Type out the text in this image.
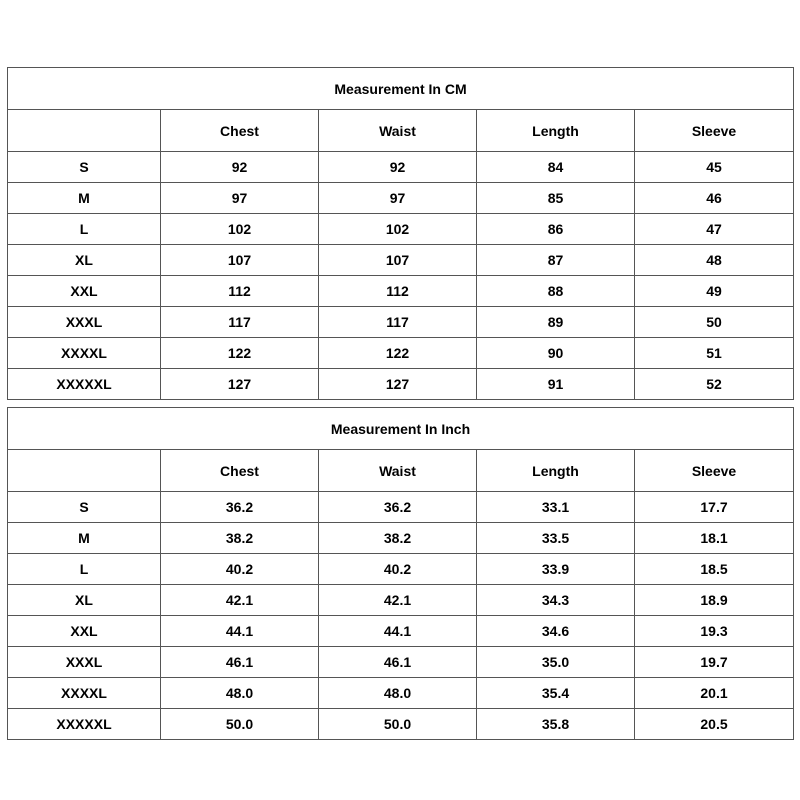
Measurement In CM				
	Chest	Waist	Length	Sleeve
S	92	92	84	45
M	97	97	85	46
L	102	102	86	47
XL	107	107	87	48
XXL	112	112	88	49
XXXL	117	117	89	50
XXXXL	122	122	90	51
XXXXXL	127	127	91	52
Measurement In Inch				
	Chest	Waist	Length	Sleeve
S	36.2	36.2	33.1	17.7
M	38.2	38.2	33.5	18.1
L	40.2	40.2	33.9	18.5
XL	42.1	42.1	34.3	18.9
XXL	44.1	44.1	34.6	19.3
XXXL	46.1	46.1	35.0	19.7
XXXXL	48.0	48.0	35.4	20.1
XXXXXL	50.0	50.0	35.8	20.5
